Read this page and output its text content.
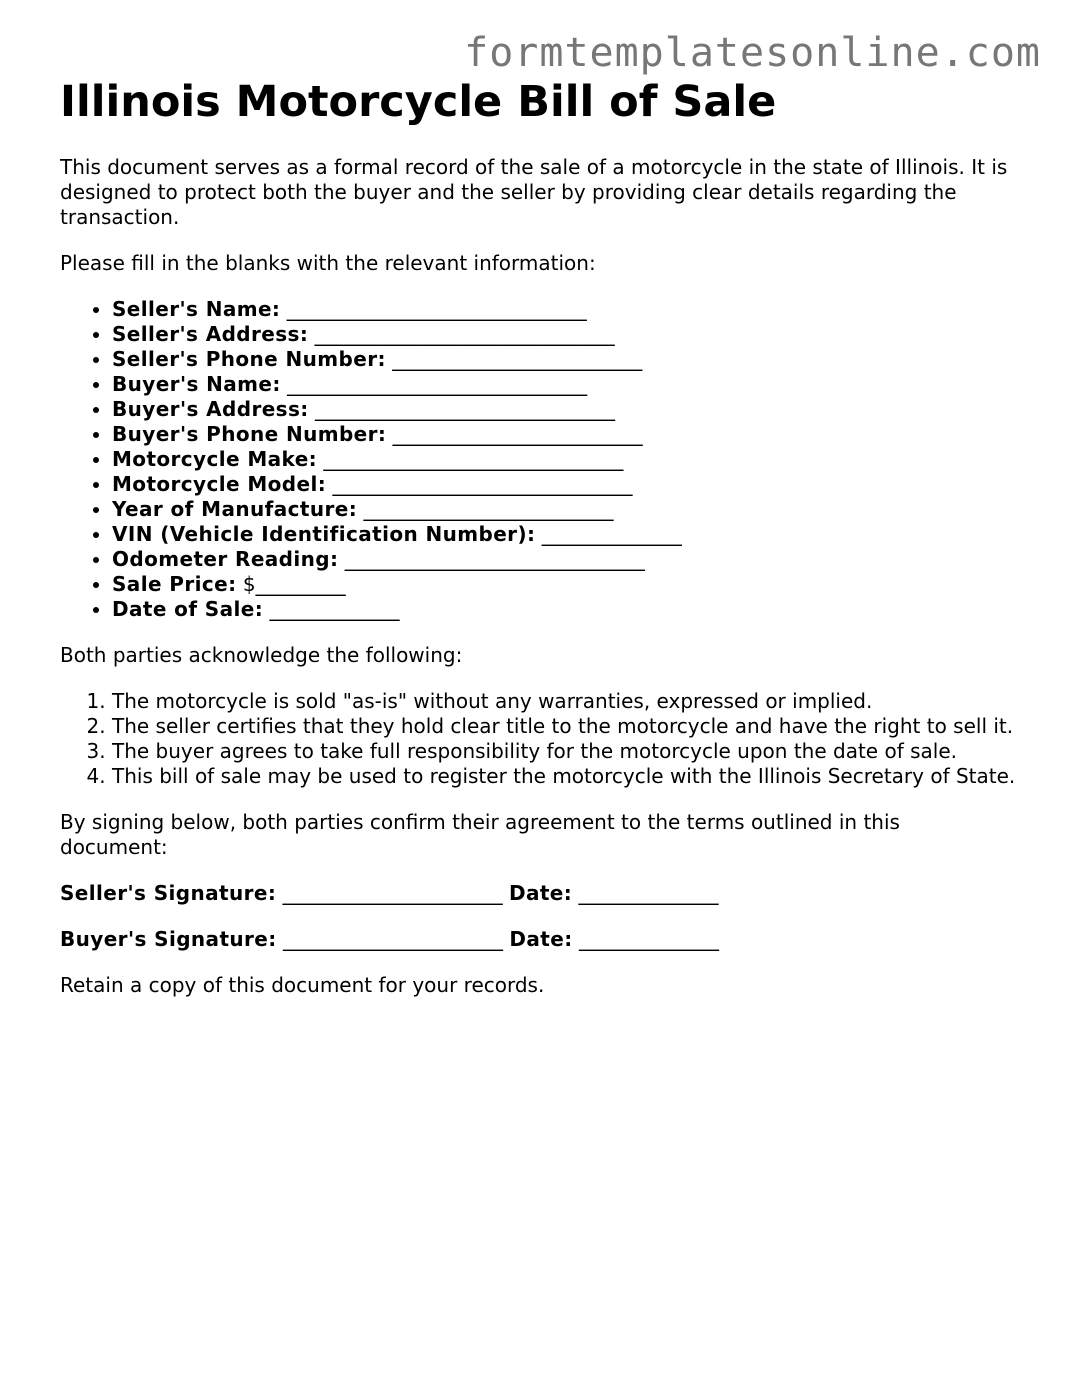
formtemplatesonline.com
Illinois Motorcycle Bill of Sale

This document serves as a formal record of the sale of a motorcycle in the state of Illinois. It is designed to protect both the buyer and the seller by providing clear details regarding the transaction.

Please fill in the blanks with the relevant information:

• Seller's Name: ______________________________
• Seller's Address: ______________________________
• Seller's Phone Number: _________________________
• Buyer's Name: ______________________________
• Buyer's Address: ______________________________
• Buyer's Phone Number: _________________________
• Motorcycle Make: ______________________________
• Motorcycle Model: ______________________________
• Year of Manufacture: _________________________
• VIN (Vehicle Identification Number): ______________
• Odometer Reading: ______________________________
• Sale Price: $_________
• Date of Sale: _____________

Both parties acknowledge the following:

1. The motorcycle is sold "as-is" without any warranties, expressed or implied.
2. The seller certifies that they hold clear title to the motorcycle and have the right to sell it.
3. The buyer agrees to take full responsibility for the motorcycle upon the date of sale.
4. This bill of sale may be used to register the motorcycle with the Illinois Secretary of State.

By signing below, both parties confirm their agreement to the terms outlined in this document:

Seller's Signature: ______________________ Date: ______________
Buyer's Signature: ______________________ Date: ______________

Retain a copy of this document for your records.
